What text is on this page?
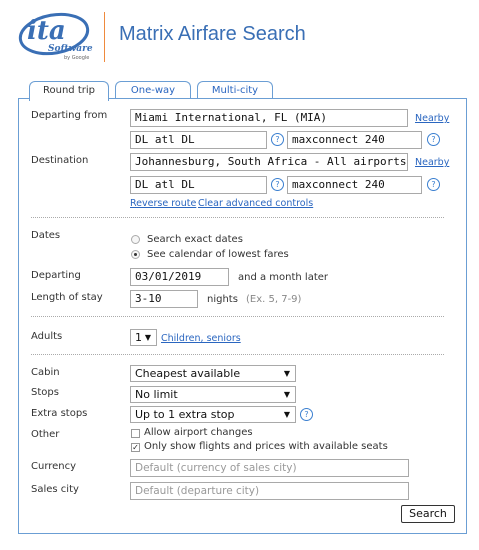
ita
Software
by Google
Matrix Airfare Search
Round trip	One-way	Multi-city
Departing from	Miami International, FL (MIA)	Nearby
DL atl DL	?	maxconnect 240	?
Destination	Johannesburg, South Africa - All airports Nearby
DL atl DL	?	maxconnect 240	?
Reverse route Clear advanced controls
Dates	Search exact dates
See calendar of lowest fares
Departing	03/01/2019	and a month later
Length of stay	3-10	nights (Ex. 5, 7-9)
Adults	1 ▼ Children, seniors
Cabin	Cheapest available	▼
Stops	No limit	▼
Extra stops	Up to 1 extra stop	▼	?
Other	Allow airport changes
✓ Only show flights and prices with available seats
Currency	Default (currency of sales city)
Sales city	Default (departure city)
Search
